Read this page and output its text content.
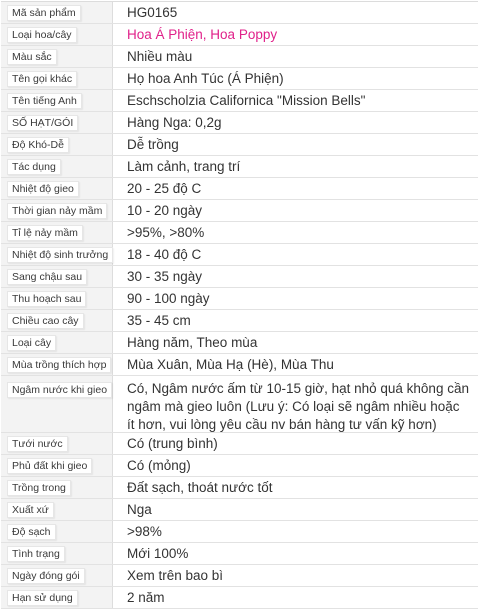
Mã sản phẩm	HG0165
Loại hoa/cây	Hoa Á Phiện, Hoa Poppy
Màu sắc	Nhiều màu
Tên gọi khác	Họ hoa Anh Túc (Á Phiện)
Tên tiếng Anh	Eschscholzia Californica "Mission Bells"
SỐ HẠT/GÓI	Hàng Nga: 0,2g
Độ Khó-Dễ	Dễ trồng
Tác dụng	Làm cảnh, trang trí
Nhiệt độ gieo	20 - 25 độ C
Thời gian nảy mầm	10 - 20 ngày
Tỉ lệ nảy mầm	>95%, >80%
Nhiệt độ sinh trưởng	18 - 40 độ C
Sang chậu sau	30 - 35 ngày
Thu hoạch sau	90 - 100 ngày
Chiều cao cây	35 - 45 cm
Loại cây	Hàng năm, Theo mùa
Mùa trồng thích hợp	Mùa Xuân, Mùa Hạ (Hè), Mùa Thu
Ngâm nước khi gieo	Có, Ngâm nước ấm từ 10-15 giờ, hạt nhỏ quá không cần ngâm mà gieo luôn (Lưu ý: Có loại sẽ ngâm nhiều hoặc ít hơn, vui lòng yêu cầu nv bán hàng tư vấn kỹ hơn)
Tưới nước	Có (trung bình)
Phủ đất khi gieo	Có (mỏng)
Trồng trong	Đất sạch, thoát nước tốt
Xuất xứ	Nga
Độ sạch	>98%
Tình trạng	Mới 100%
Ngày đóng gói	Xem trên bao bì
Hạn sử dụng	2 năm
